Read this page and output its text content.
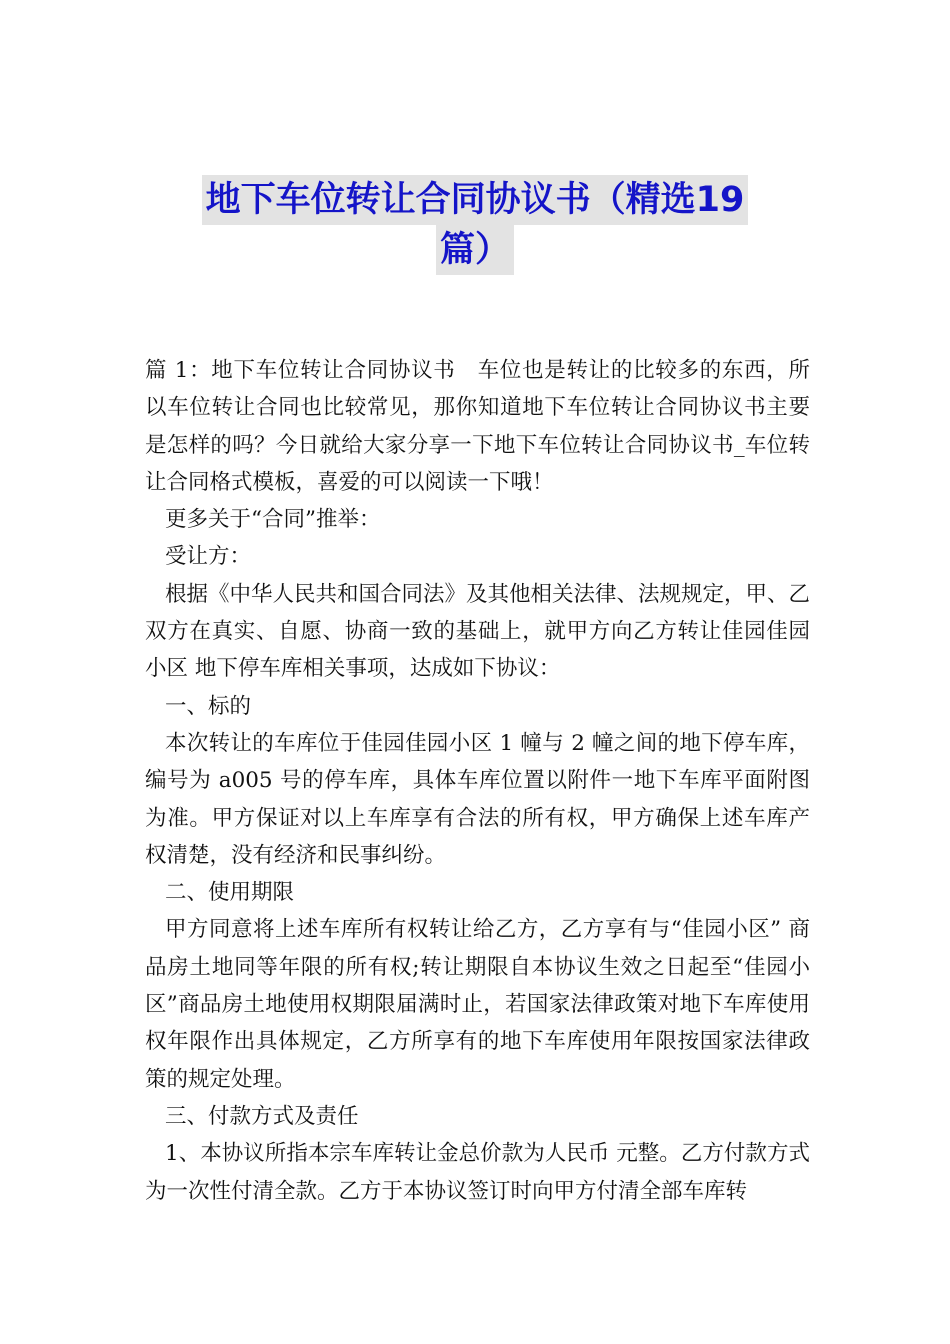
地下车位转让合同协议书（精选19
篇）

篇 1：地下车位转让合同协议书　车位也是转让的比较多的东西，所以车位转让合同也比较常见，那你知道地下车位转让合同协议书主要是怎样的吗？今日就给大家分享一下地下车位转让合同协议书_车位转让合同格式模板，喜爱的可以阅读一下哦！

更多关于“合同”推举：

受让方：

根据《中华人民共和国合同法》及其他相关法律、法规规定，甲、乙双方在真实、自愿、协商一致的基础上，就甲方向乙方转让佳园佳园小区 地下停车库相关事项，达成如下协议：

一、标的

本次转让的车库位于佳园佳园小区 1 幢与 2 幢之间的地下停车库，编号为 a005 号的停车库，具体车库位置以附件一地下车库平面附图为准。甲方保证对以上车库享有合法的所有权，甲方确保上述车库产权清楚，没有经济和民事纠纷。

二、使用期限

甲方同意将上述车库所有权转让给乙方，乙方享有与“佳园小区” 商品房土地同等年限的所有权;转让期限自本协议生效之日起至“佳园小区”商品房土地使用权期限届满时止，若国家法律政策对地下车库使用权年限作出具体规定，乙方所享有的地下车库使用年限按国家法律政策的规定处理。

三、付款方式及责任

1、本协议所指本宗车库转让金总价款为人民币 元整。乙方付款方式为一次性付清全款。乙方于本协议签订时向甲方付清全部车库转
